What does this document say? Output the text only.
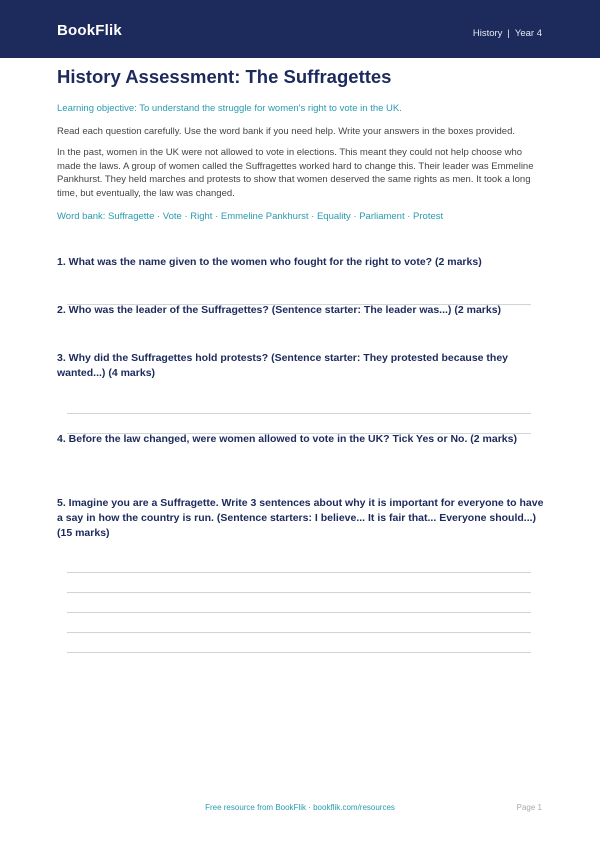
BookFlik	History | Year 4
History Assessment: The Suffragettes
Learning objective: To understand the struggle for women's right to vote in the UK.
Read each question carefully. Use the word bank if you need help. Write your answers in the boxes provided.
In the past, women in the UK were not allowed to vote in elections. This meant they could not help choose who made the laws. A group of women called the Suffragettes worked hard to change this. Their leader was Emmeline Pankhurst. They held marches and protests to show that women deserved the same rights as men. It took a long time, but eventually, the law was changed.
Word bank: Suffragette · Vote · Right · Emmeline Pankhurst · Equality · Parliament · Protest
1. What was the name given to the women who fought for the right to vote? (2 marks)
2. Who was the leader of the Suffragettes? (Sentence starter: The leader was...) (2 marks)
3. Why did the Suffragettes hold protests? (Sentence starter: They protested because they wanted...) (4 marks)
4. Before the law changed, were women allowed to vote in the UK? Tick Yes or No. (2 marks)
5. Imagine you are a Suffragette. Write 3 sentences about why it is important for everyone to have a say in how the country is run. (Sentence starters: I believe... It is fair that... Everyone should...) (15 marks)
Free resource from BookFlik · bookflik.com/resources	Page 1
